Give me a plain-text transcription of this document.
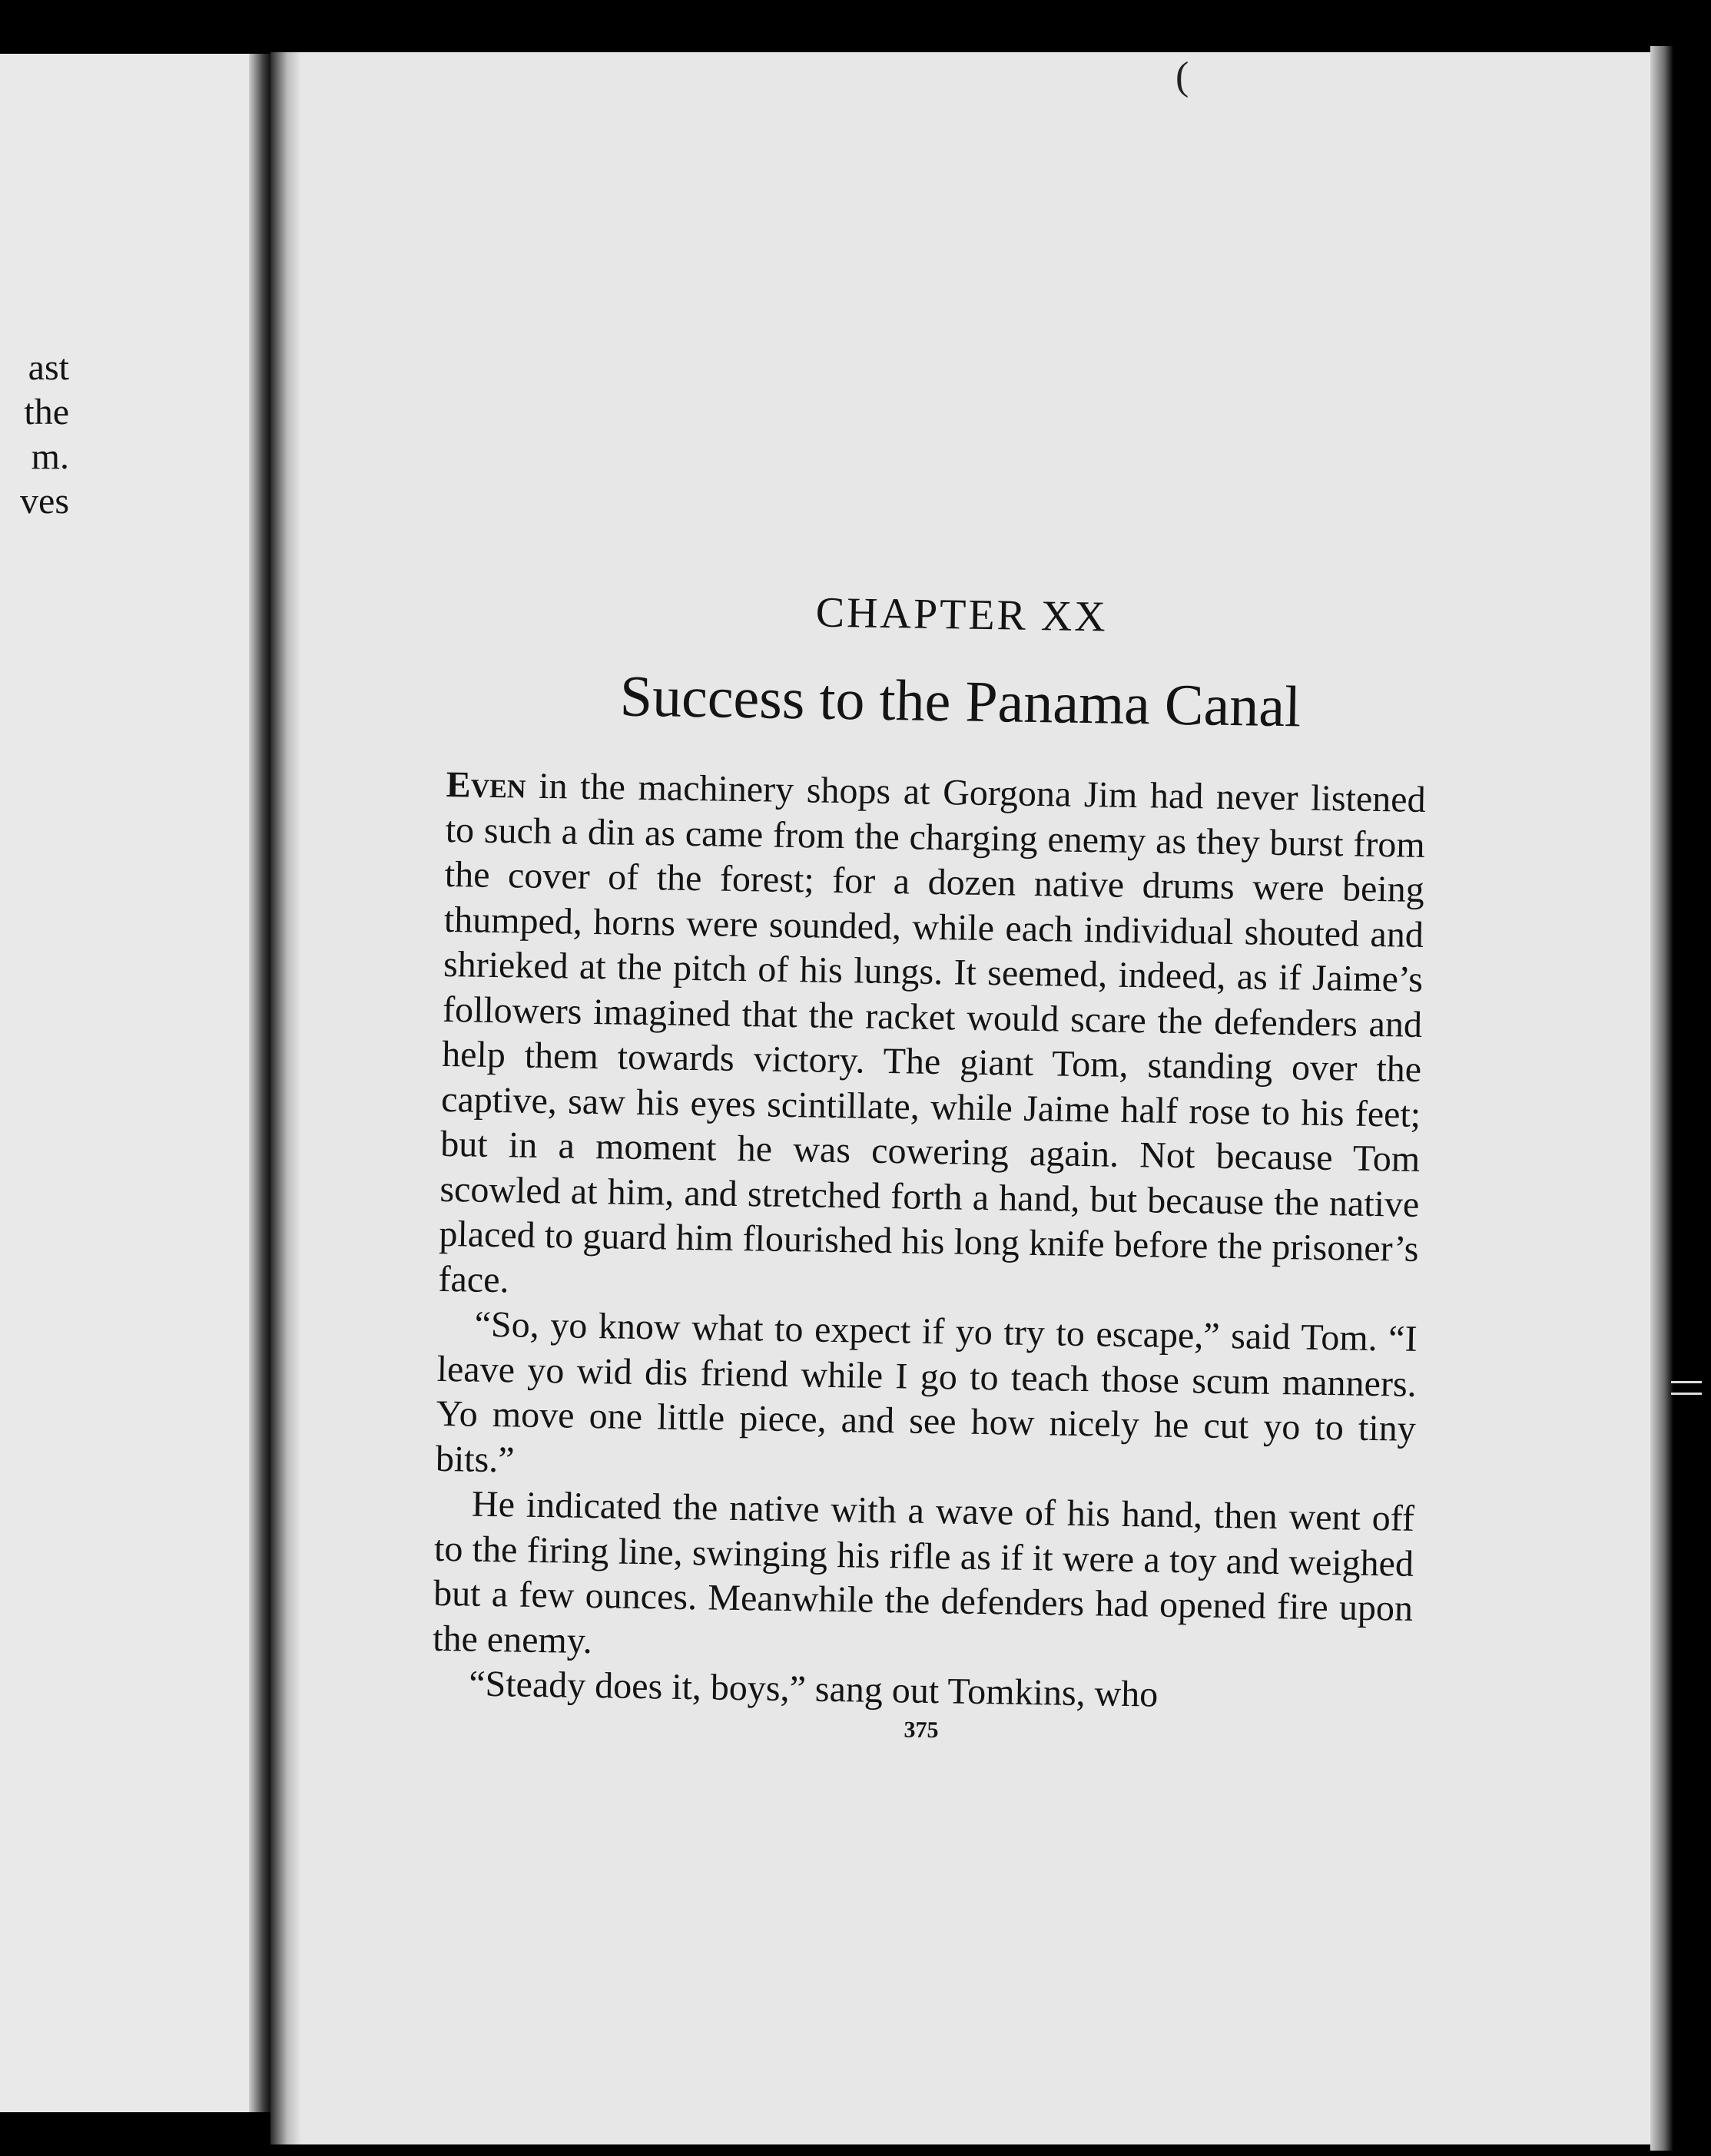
ast
the
m.
ves
(

CHAPTER XX

Success to the Panama Canal

Even in the machinery shops at Gorgona Jim had never listened to such a din as came from the charging enemy as they burst from the cover of the forest; for a dozen native drums were being thumped, horns were sounded, while each individual shouted and shrieked at the pitch of his lungs. It seemed, indeed, as if Jaime’s followers imagined that the racket would scare the defenders and help them towards victory. The giant Tom, standing over the captive, saw his eyes scintillate, while Jaime half rose to his feet; but in a moment he was cowering again. Not because Tom scowled at him, and stretched forth a hand, but because the native placed to guard him flourished his long knife before the prisoner’s face.

“So, yo know what to expect if yo try to escape,” said Tom. “I leave yo wid dis friend while I go to teach those scum manners. Yo move one little piece, and see how nicely he cut yo to tiny bits.”

He indicated the native with a wave of his hand, then went off to the firing line, swinging his rifle as if it were a toy and weighed but a few ounces. Meanwhile the defenders had opened fire upon the enemy.

“Steady does it, boys,” sang out Tomkins, who

375
